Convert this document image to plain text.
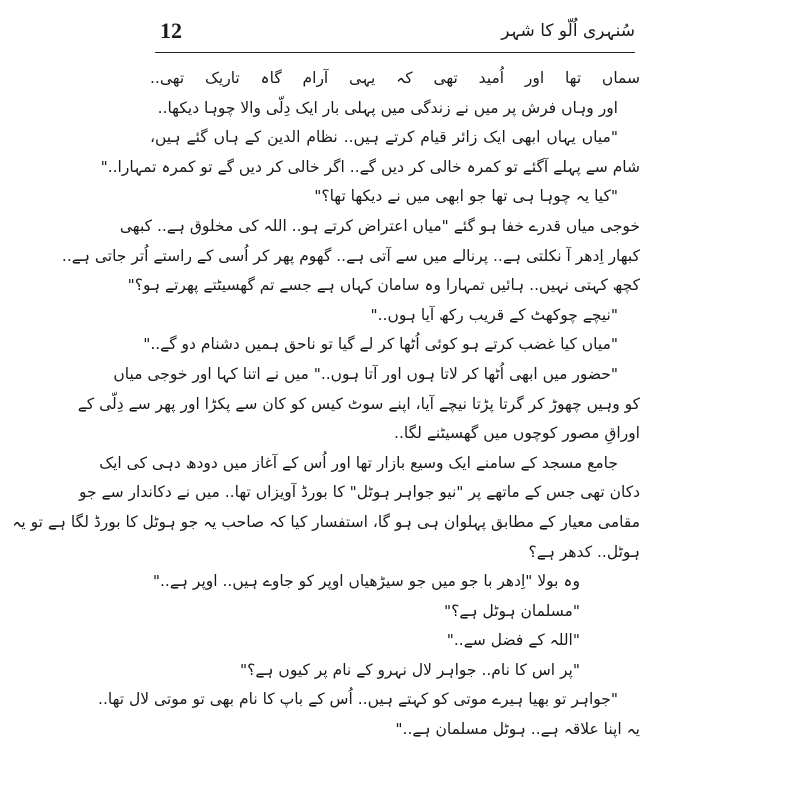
12	سُنہری اُلّو کا شہر
سماں تھا اور اُمید تھی کہ یہی آرام گاہ تاریک تھی..
اور وہاں فرش پر میں نے زندگی میں پہلی بار ایک دِلّی والا چوہا دیکھا..
"میاں یہاں ابھی ایک زائر قیام کرتے ہیں.. نظام الدین کے ہاں گئے ہیں،
شام سے پہلے آگئے تو کمرہ خالی کر دیں گے.. اگر خالی کر دیں گے تو کمرہ تمہارا.."
"کیا یہ چوہا ہی تھا جو ابھی میں نے دیکھا تھا؟"
خوجی میاں قدرے خفا ہو گئے "میاں اعتراض کرتے ہو.. اللہ کی مخلوق ہے.. کبھی
کبھار اِدھر آ نکلتی ہے.. پرنالے میں سے آتی ہے.. گھوم پھر کر اُسی کے راستے اُتر جاتی ہے..
کچھ کہتی نہیں.. ہائیں تمہارا وہ سامان کہاں ہے جسے تم گھسیٹتے پھرتے ہو؟"
"نیچے چوکھٹ کے قریب رکھ آیا ہوں.."
"میاں کیا غضب کرتے ہو کوئی اُٹھا کر لے گیا تو ناحق ہمیں دشنام دو گے.."
"حضور میں ابھی اُٹھا کر لاتا ہوں اور آتا ہوں.." میں نے اتنا کہا اور خوجی میاں
کو وہیں چھوڑ کر گرتا پڑتا نیچے آیا، اپنے سوٹ کیس کو کان سے پکڑا اور پھر سے دِلّی کے
اوراقِ مصور کوچوں میں گھسیٹنے لگا..
جامع مسجد کے سامنے ایک وسیع بازار تھا اور اُس کے آغاز میں دودھ دہی کی ایک
دکان تھی جس کے ماتھے پر "نیو جواہر ہوٹل" کا بورڈ آویزاں تھا.. میں نے دکاندار سے جو
مقامی معیار کے مطابق پہلوان ہی ہو گا، استفسار کیا کہ صاحب یہ جو ہوٹل کا بورڈ لگا ہے تو یہ
ہوٹل.. کدھر ہے؟
وہ بولا "اِدھر با جو میں جو سیڑھیاں اوپر کو جاوے ہیں.. اوپر ہے.."
"مسلمان ہوٹل ہے؟"
"اللہ کے فضل سے.."
"پر اس کا نام.. جواہر لال نہرو کے نام پر کیوں ہے؟"
"جواہر تو بھیا ہیرے موتی کو کہتے ہیں.. اُس کے باپ کا نام بھی تو موتی لال تھا..
یہ اپنا علاقہ ہے.. ہوٹل مسلمان ہے.."
